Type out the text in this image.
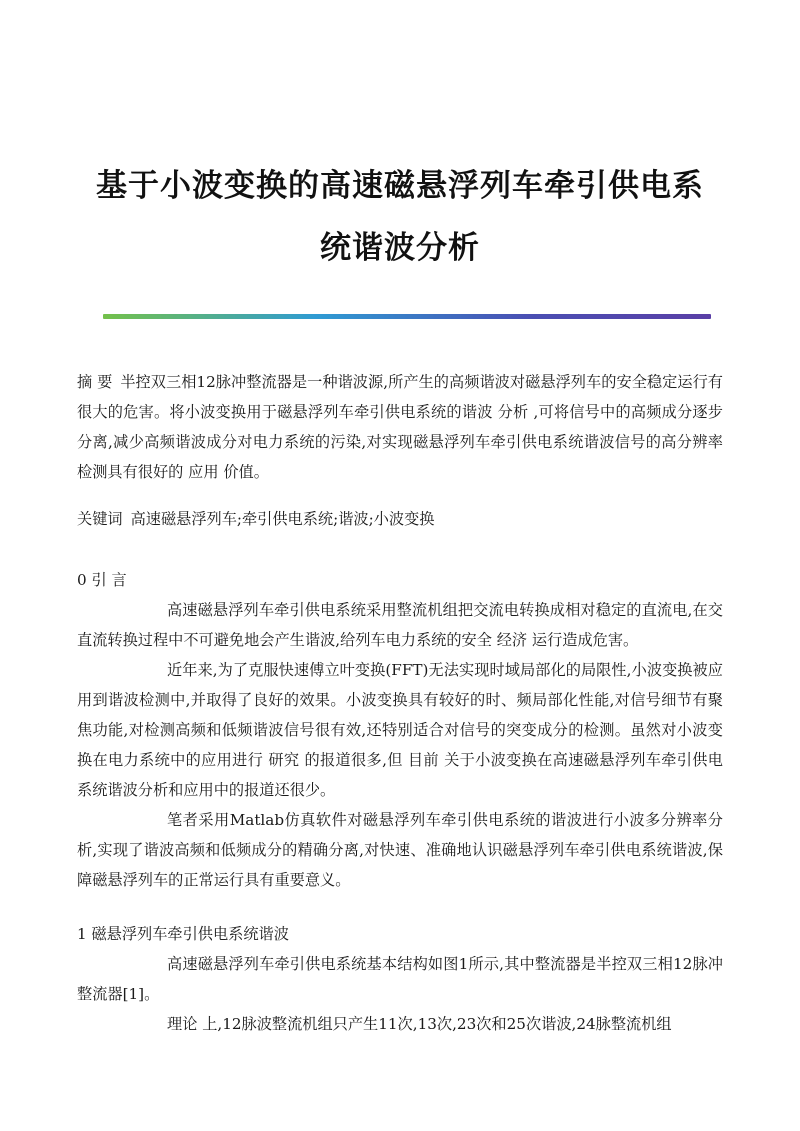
基于小波变换的高速磁悬浮列车牵引供电系
统谐波分析

摘 要 半控双三相12脉冲整流器是一种谐波源,所产生的高频谐波对磁悬浮列车的安全稳定运行有很大的危害。将小波变换用于磁悬浮列车牵引供电系统的谐波 分析 ,可将信号中的高频成分逐步分离,减少高频谐波成分对电力系统的污染,对实现磁悬浮列车牵引供电系统谐波信号的高分辨率检测具有很好的 应用 价值。

关键词 高速磁悬浮列车;牵引供电系统;谐波;小波变换

0 引 言

高速磁悬浮列车牵引供电系统采用整流机组把交流电转换成相对稳定的直流电,在交直流转换过程中不可避免地会产生谐波,给列车电力系统的安全 经济 运行造成危害。

近年来,为了克服快速傅立叶变换(FFT)无法实现时域局部化的局限性,小波变换被应用到谐波检测中,并取得了良好的效果。小波变换具有较好的时、频局部化性能,对信号细节有聚焦功能,对检测高频和低频谐波信号很有效,还特别适合对信号的突变成分的检测。虽然对小波变换在电力系统中的应用进行 研究 的报道很多,但 目前 关于小波变换在高速磁悬浮列车牵引供电系统谐波分析和应用中的报道还很少。

笔者采用Matlab仿真软件对磁悬浮列车牵引供电系统的谐波进行小波多分辨率分析,实现了谐波高频和低频成分的精确分离,对快速、准确地认识磁悬浮列车牵引供电系统谐波,保障磁悬浮列车的正常运行具有重要意义。

1 磁悬浮列车牵引供电系统谐波

高速磁悬浮列车牵引供电系统基本结构如图1所示,其中整流器是半控双三相12脉冲整流器[1]。

理论 上,12脉波整流机组只产生11次,13次,23次和25次谐波,24脉整流机组
